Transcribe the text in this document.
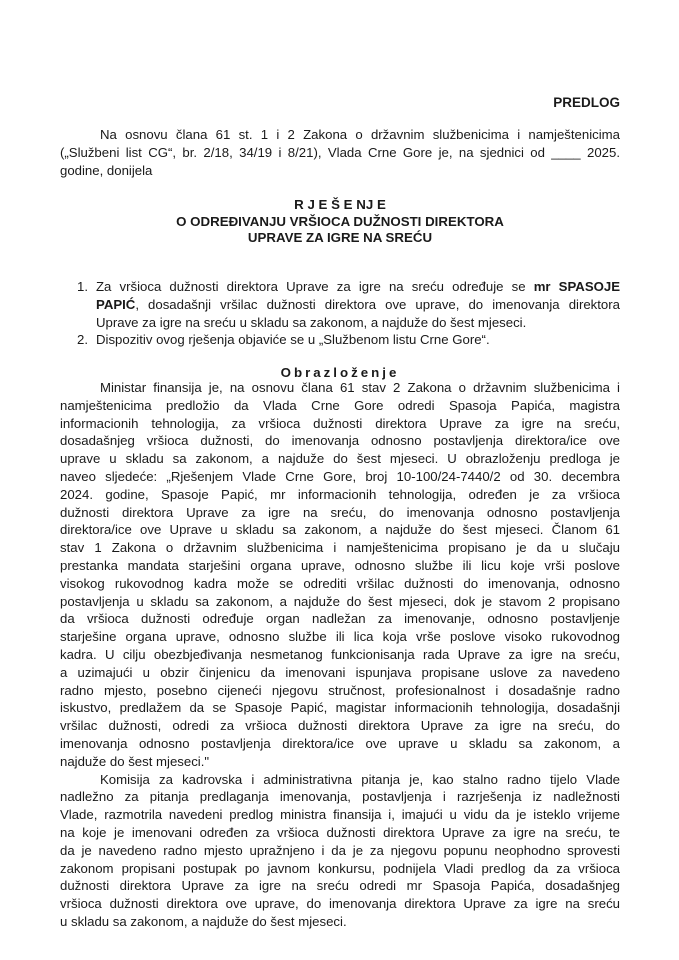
PREDLOG
Na osnovu člana 61 st. 1 i 2 Zakona o državnim službenicima i namještenicima
(„Službeni list CG“, br. 2/18, 34/19 i 8/21), Vlada Crne Gore je, na sjednici od ____ 2025.
godine, donijela
R J E Š E NJ E
O ODREĐIVANJU VRŠIOCA DUŽNOSTI DIREKTORA
UPRAVE ZA IGRE NA SREĆU
1. Za vršioca dužnosti direktora Uprave za igre na sreću određuje se mr SPASOJE
PAPIĆ, dosadašnji vršilac dužnosti direktora ove uprave, do imenovanja direktora
Uprave za igre na sreću u skladu sa zakonom, a najduže do šest mjeseci.
2. Dispozitiv ovog rješenja objaviće se u „Službenom listu Crne Gore“.
Obrazloženje
Ministar finansija je, na osnovu člana 61 stav 2 Zakona o državnim službenicima i
namještenicima predložio da Vlada Crne Gore odredi Spasoja Papića, magistra
informacionih tehnologija, za vršioca dužnosti direktora Uprave za igre na sreću,
dosadašnjeg vršioca dužnosti, do imenovanja odnosno postavljenja direktora/ice ove
uprave u skladu sa zakonom, a najduže do šest mjeseci. U obrazloženju predloga je
naveo sljedeće: „Rješenjem Vlade Crne Gore, broj 10-100/24-7440/2 od 30. decembra
2024. godine, Spasoje Papić, mr informacionih tehnologija, određen je za vršioca
dužnosti direktora Uprave za igre na sreću, do imenovanja odnosno postavljenja
direktora/ice ove Uprave u skladu sa zakonom, a najduže do šest mjeseci. Članom 61
stav 1 Zakona o državnim službenicima i namještenicima propisano je da u slučaju
prestanka mandata starješini organa uprave, odnosno službe ili licu koje vrši poslove
visokog rukovodnog kadra može se odrediti vršilac dužnosti do imenovanja, odnosno
postavljenja u skladu sa zakonom, a najduže do šest mjeseci, dok je stavom 2 propisano
da vršioca dužnosti određuje organ nadležan za imenovanje, odnosno postavljenje
starješine organa uprave, odnosno službe ili lica koja vrše poslove visoko rukovodnog
kadra. U cilju obezbjeđivanja nesmetanog funkcionisanja rada Uprave za igre na sreću,
a uzimajući u obzir činjenicu da imenovani ispunjava propisane uslove za navedeno
radno mjesto, posebno cijeneći njegovu stručnost, profesionalnost i dosadašnje radno
iskustvo, predlažem da se Spasoje Papić, magistar informacionih tehnologija, dosadašnji
vršilac dužnosti, odredi za vršioca dužnosti direktora Uprave za igre na sreću, do
imenovanja odnosno postavljenja direktora/ice ove uprave u skladu sa zakonom, a
najduže do šest mjeseci."
Komisija za kadrovska i administrativna pitanja je, kao stalno radno tijelo Vlade
nadležno za pitanja predlaganja imenovanja, postavljenja i razrješenja iz nadležnosti
Vlade, razmotrila navedeni predlog ministra finansija i, imajući u vidu da je isteklo vrijeme
na koje je imenovani određen za vršioca dužnosti direktora Uprave za igre na sreću, te
da je navedeno radno mjesto upražnjeno i da je za njegovu popunu neophodno sprovesti
zakonom propisani postupak po javnom konkursu, podnijela Vladi predlog da za vršioca
dužnosti direktora Uprave za igre na sreću odredi mr Spasoja Papića, dosadašnjeg
vršioca dužnosti direktora ove uprave, do imenovanja direktora Uprave za igre na sreću
u skladu sa zakonom, a najduže do šest mjeseci.
